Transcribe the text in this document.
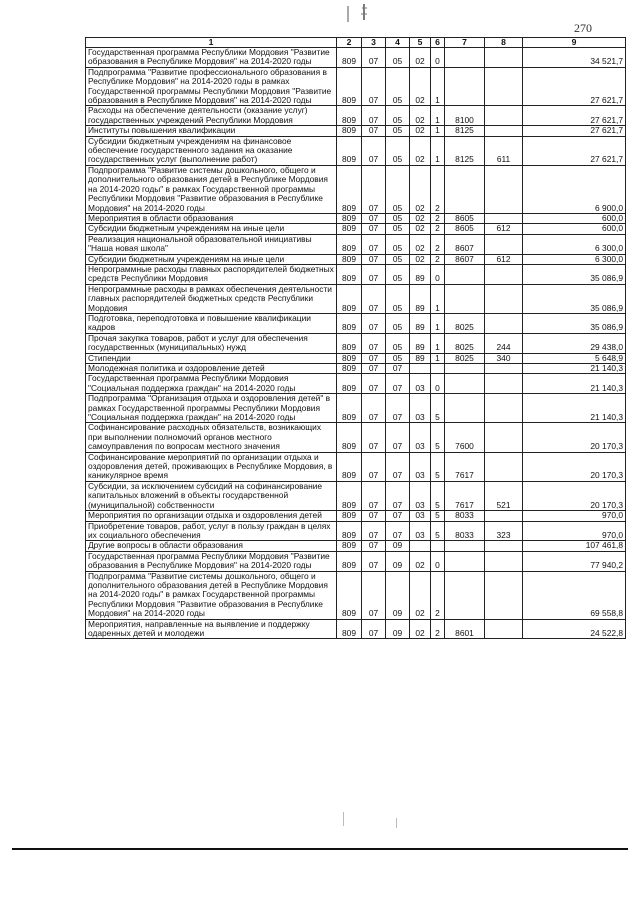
270
1	2	3	4	5	6	7	8	9
Государственная программа Республики Мордовия "Развитие образования в Республике Мордовия" на 2014-2020 годы	809	07	05	02	0			34 521,7
Подпрограмма "Развитие профессионального образования в Республике Мордовия" на 2014-2020 годы в рамках Государственной программы Республики Мордовия "Развитие образования в Республике Мордовия" на 2014-2020 годы	809	07	05	02	1			27 621,7
Расходы на обеспечение деятельности (оказание услуг) государственных учреждений Республики Мордовия	809	07	05	02	1	8100		27 621,7
Институты повышения квалификации	809	07	05	02	1	8125		27 621,7
Субсидии бюджетным учреждениям на финансовое обеспечение государственного задания на оказание государственных услуг (выполнение работ)	809	07	05	02	1	8125	611	27 621,7
Подпрограмма "Развитие системы дошкольного, общего и дополнительного образования детей в Республике Мордовия на 2014-2020 годы" в рамках Государственной программы Республики Мордовия "Развитие образования в Республике Мордовия" на 2014-2020 годы	809	07	05	02	2			6 900,0
Мероприятия в области образования	809	07	05	02	2	8605		600,0
Субсидии бюджетным учреждениям на иные цели	809	07	05	02	2	8605	612	600,0
Реализация национальной образовательной инициативы "Наша новая школа"	809	07	05	02	2	8607		6 300,0
Субсидии бюджетным учреждениям на иные цели	809	07	05	02	2	8607	612	6 300,0
Непрограммные расходы главных распорядителей бюджетных средств Республики Мордовия	809	07	05	89	0			35 086,9
Непрограммные расходы в рамках обеспечения деятельности главных распорядителей бюджетных средств Республики Мордовия	809	07	05	89	1			35 086,9
Подготовка, переподготовка и повышение квалификации кадров	809	07	05	89	1	8025		35 086,9
Прочая закупка товаров, работ и услуг для обеспечения государственных (муниципальных) нужд	809	07	05	89	1	8025	244	29 438,0
Стипендии	809	07	05	89	1	8025	340	5 648,9
Молодежная политика и оздоровление детей	809	07	07					21 140,3
Государственная программа Республики Мордовия "Социальная поддержка граждан" на 2014-2020 годы	809	07	07	03	0			21 140,3
Подпрограмма "Организация отдыха и оздоровления детей" в рамках Государственной программы Республики Мордовия "Социальная поддержка граждан" на 2014-2020 годы	809	07	07	03	5			21 140,3
Софинансирование расходных обязательств, возникающих при выполнении полномочий органов местного самоуправления по вопросам местного значения	809	07	07	03	5	7600		20 170,3
Софинансирование мероприятий по организации отдыха и оздоровления детей, проживающих в Республике Мордовия, в каникулярное время	809	07	07	03	5	7617		20 170,3
Субсидии, за исключением субсидий на софинансирование капитальных вложений в объекты государственной (муниципальной) собственности	809	07	07	03	5	7617	521	20 170,3
Мероприятия по организации отдыха и оздоровления детей	809	07	07	03	5	8033		970,0
Приобретение товаров, работ, услуг в пользу граждан в целях их социального обеспечения	809	07	07	03	5	8033	323	970,0
Другие вопросы в области образования	809	07	09					107 461,8
Государственная программа Республики Мордовия "Развитие образования в Республике Мордовия" на 2014-2020 годы	809	07	09	02	0			77 940,2
Подпрограмма "Развитие системы дошкольного, общего и дополнительного образования детей в Республике Мордовия на 2014-2020 годы" в рамках Государственной программы Республики Мордовия "Развитие образования в Республике Мордовия" на 2014-2020 годы	809	07	09	02	2			69 558,8
Мероприятия, направленные на выявление и поддержку одаренных детей и молодежи	809	07	09	02	2	8601		24 522,8
